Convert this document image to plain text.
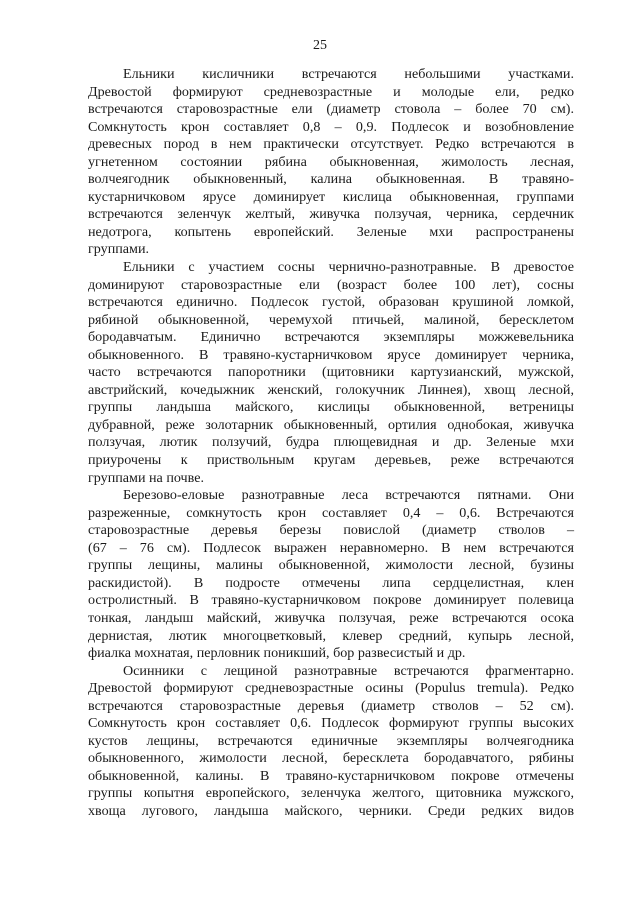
25
Ельники кисличники встречаются небольшими участками.
Древостой формируют средневозрастные и молодые ели, редко
встречаются старовозрастные ели (диаметр стовола – более 70 см).
Сомкнутость крон составляет 0,8 – 0,9. Подлесок и возобновление
древесных пород в нем практически отсутствует. Редко встречаются в
угнетенном состоянии рябина обыкновенная, жимолость лесная,
волчеягодник обыкновенный, калина обыкновенная. В травяно-
кустарничковом ярусе доминирует кислица обыкновенная, группами
встречаются зеленчук желтый, живучка ползучая, черника, сердечник
недотрога, копытень европейский. Зеленые мхи распространены
группами.
Ельники с участием сосны чернично-разнотравные. В древостое
доминируют старовозрастные ели (возраст более 100 лет), сосны
встречаются единично. Подлесок густой, образован крушиной ломкой,
рябиной обыкновенной, черемухой птичьей, малиной, бересклетом
бородавчатым. Единично встречаются экземпляры можжевельника
обыкновенного. В травяно-кустарничковом ярусе доминирует черника,
часто встречаются папоротники (щитовники картузианский, мужской,
австрийский, кочедыжник женский, голокучник Линнея), хвощ лесной,
группы ландыша майского, кислицы обыкновенной, ветреницы
дубравной, реже золотарник обыкновенный, ортилия однобокая, живучка
ползучая, лютик ползучий, будра плющевидная и др. Зеленые мхи
приурочены к приствольным кругам деревьев, реже встречаются
группами на почве.
Березово-еловые разнотравные леса встречаются пятнами. Они
разреженные, сомкнутость крон составляет 0,4 – 0,6. Встречаются
старовозрастные деревья березы повислой (диаметр стволов –
(67 – 76 см). Подлесок выражен неравномерно. В нем встречаются
группы лещины, малины обыкновенной, жимолости лесной, бузины
раскидистой). В подросте отмечены липа сердцелистная, клен
остролистный. В травяно-кустарничковом покрове доминирует полевица
тонкая, ландыш майский, живучка ползучая, реже встречаются осока
дернистая, лютик многоцветковый, клевер средний, купырь лесной,
фиалка мохнатая, перловник поникший, бор развесистый и др.
Осинники с лещиной разнотравные встречаются фрагментарно.
Древостой формируют средневозрастные осины (Populus tremula). Редко
встречаются старовозрастные деревья (диаметр стволов – 52 см).
Сомкнутость крон составляет 0,6. Подлесок формируют группы высоких
кустов лещины, встречаются единичные экземпляры волчеягодника
обыкновенного, жимолости лесной, бересклета бородавчатого, рябины
обыкновенной, калины. В травяно-кустарничковом покрове отмечены
группы копытня европейского, зеленчука желтого, щитовника мужского,
хвоща лугового, ландыша майского, черники. Среди редких видов
